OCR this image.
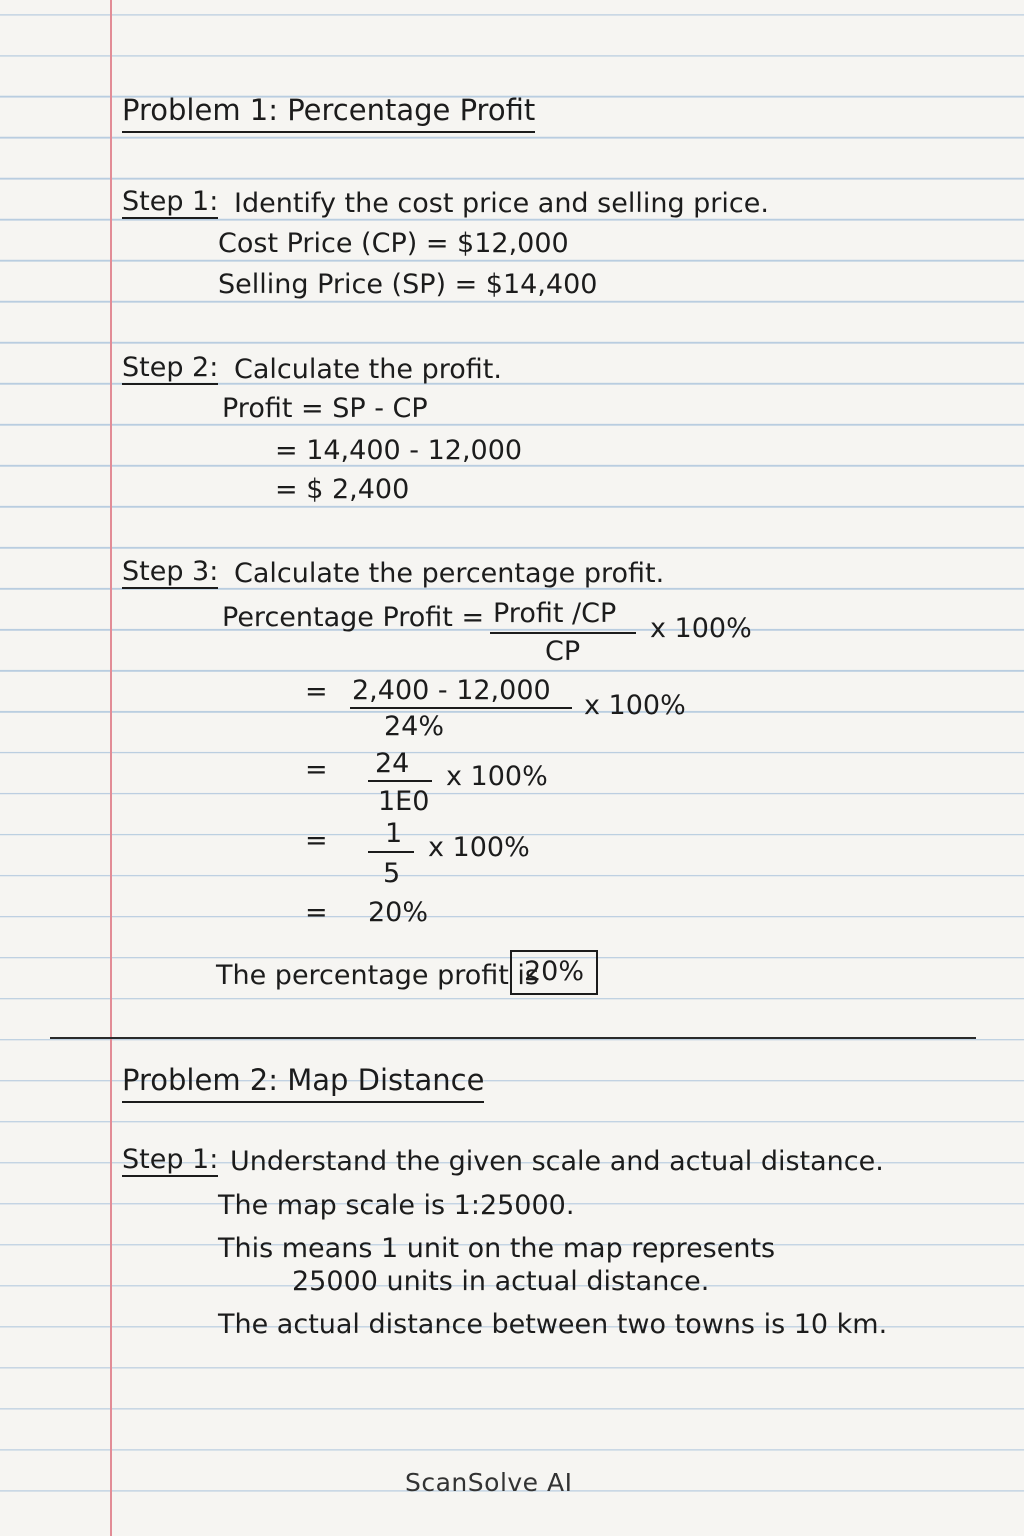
Problem 1: Percentage Profit
Step 1: Identify the cost price and selling price.
Cost Price (CP) = $12,000
Selling Price (SP) = $14,400
Step 2: Calculate the profit.
Profit = SP - CP
= 14,400 - 12,000
= $ 2,400
Step 3: Calculate the percentage profit.
Percentage Profit = Profit /CP
CP
x 100%
= 2,400 - 12,000
24%
x 100%
= 24
1E0
x 100%
= 1
5
x 100%
= 20%
The percentage profit is
20%
Problem 2: Map Distance
Step 1: Understand the given scale and actual distance.
The map scale is 1:25000.
This means 1 unit on the map represents
25000 units in actual distance.
The actual distance between two towns is 10 km.
ScanSolve AI
